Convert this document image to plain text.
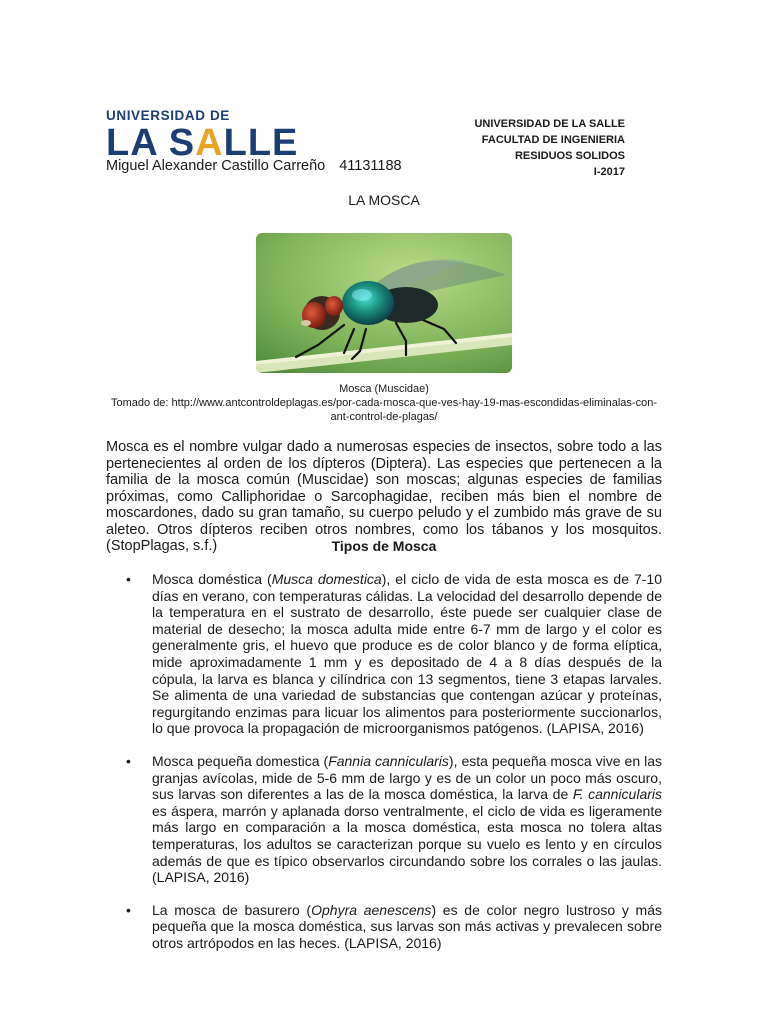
UNIVERSIDAD DE
LA SALLE
Miguel Alexander Castillo Carreño 41131188
UNIVERSIDAD DE LA SALLE
FACULTAD DE INGENIERIA
RESIDUOS SOLIDOS
I-2017
LA MOSCA
Mosca (Muscidae)
Tomado de: http://www.antcontroldeplagas.es/por-cada-mosca-que-ves-hay-19-mas-escondidas-eliminalas-con-ant-control-de-plagas/
Mosca es el nombre vulgar dado a numerosas especies de insectos, sobre todo a las pertenecientes al orden de los dípteros (Diptera). Las especies que pertenecen a la familia de la mosca común (Muscidae) son moscas; algunas especies de familias próximas, como Calliphoridae o Sarcophagidae, reciben más bien el nombre de moscardones, dado su gran tamaño, su cuerpo peludo y el zumbido más grave de su aleteo. Otros dípteros reciben otros nombres, como los tábanos y los mosquitos. (StopPlagas, s.f.)	Tipos de Mosca
• Mosca doméstica (Musca domestica), el ciclo de vida de esta mosca es de 7-10 días en verano, con temperaturas cálidas. La velocidad del desarrollo depende de la temperatura en el sustrato de desarrollo, éste puede ser cualquier clase de material de desecho; la mosca adulta mide entre 6-7 mm de largo y el color es generalmente gris, el huevo que produce es de color blanco y de forma elíptica, mide aproximadamente 1 mm y es depositado de 4 a 8 días después de la cópula, la larva es blanca y cilíndrica con 13 segmentos, tiene 3 etapas larvales. Se alimenta de una variedad de substancias que contengan azúcar y proteínas, regurgitando enzimas para licuar los alimentos para posteriormente succionarlos, lo que provoca la propagación de microorganismos patógenos. (LAPISA, 2016)
• Mosca pequeña domestica (Fannia cannicularis), esta pequeña mosca vive en las granjas avícolas, mide de 5-6 mm de largo y es de un color un poco más oscuro, sus larvas son diferentes a las de la mosca doméstica, la larva de F. cannicularis es áspera, marrón y aplanada dorso ventralmente, el ciclo de vida es ligeramente más largo en comparación a la mosca doméstica, esta mosca no tolera altas temperaturas, los adultos se caracterizan porque su vuelo es lento y en círculos además de que es típico observarlos circundando sobre los corrales o las jaulas. (LAPISA, 2016)
• La mosca de basurero (Ophyra aenescens) es de color negro lustroso y más pequeña que la mosca doméstica, sus larvas son más activas y prevalecen sobre otros artrópodos en las heces. (LAPISA, 2016)
